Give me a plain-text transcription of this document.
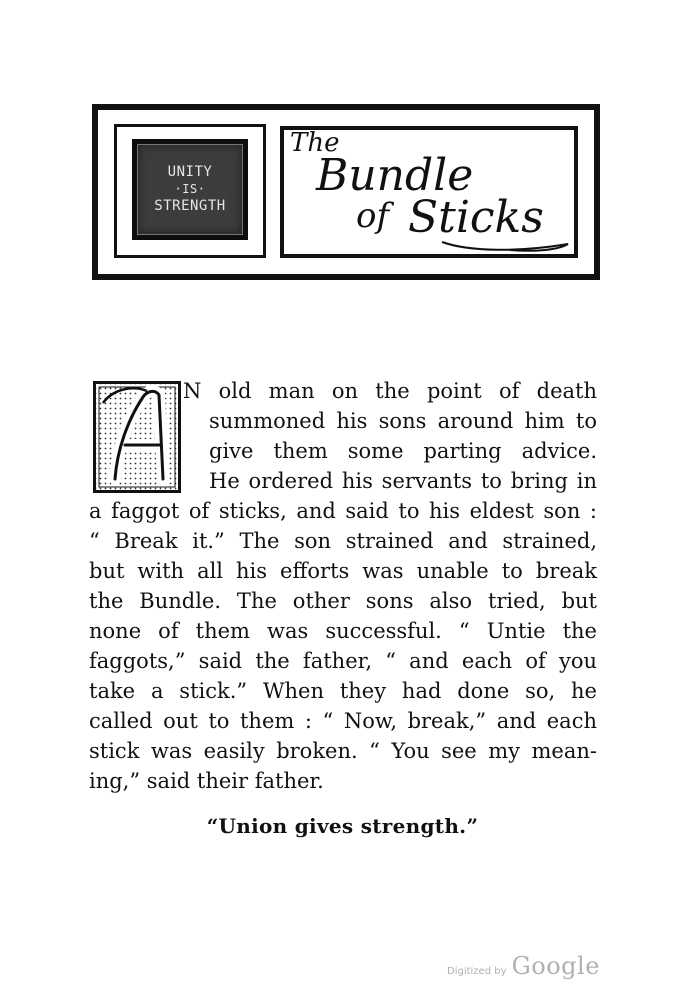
UNITY
·IS·
STRENGTH
The
Bundle
of Sticks
N old man on the point of death
summoned his sons around him to
give them some parting advice.
He ordered his servants to bring in
a faggot of sticks, and said to his eldest son :
“ Break it.” The son strained and strained,
but with all his efforts was unable to break
the Bundle. The other sons also tried, but
none of them was successful. “ Untie the
faggots,” said the father, “ and each of you
take a stick.” When they had done so, he
called out to them : “ Now, break,” and each
stick was easily broken. “ You see my mean-
ing,” said their father.
“Union gives strength.”
Digitized by Google
